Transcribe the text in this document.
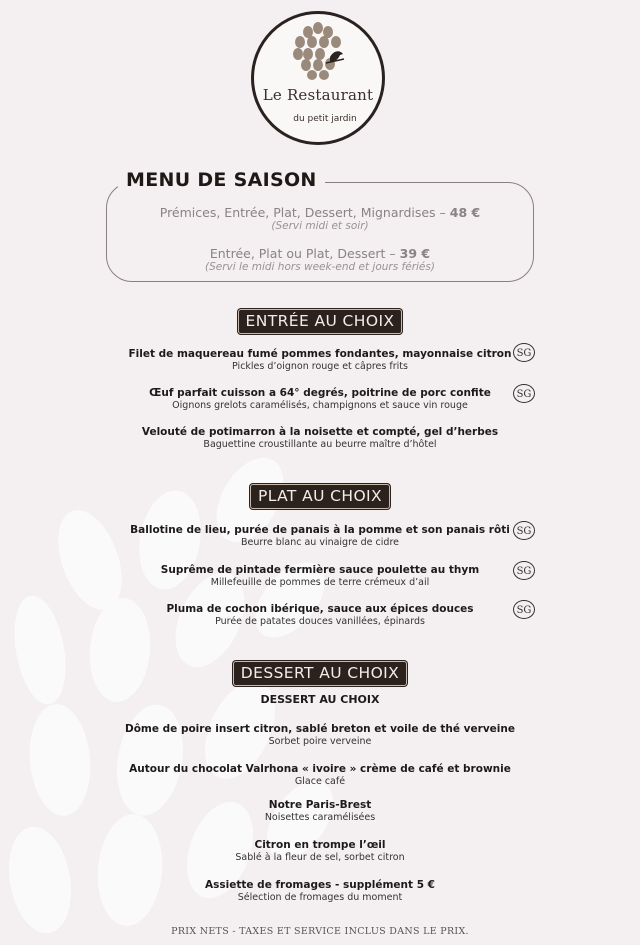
Le Restaurant
du petit jardin
MENU DE SAISON
Prémices, Entrée, Plat, Dessert, Mignardises – 48 €
(Servi midi et soir)
Entrée, Plat ou Plat, Dessert – 39 €
(Servi le midi hors week-end et jours fériés)
ENTRÉE AU CHOIX
Filet de maquereau fumé pommes fondantes, mayonnaise citron
Pickles d’oignon rouge et câpres frits
SG
Œuf parfait cuisson a 64° degrés, poitrine de porc confite
Oignons grelots caramélisés, champignons et sauce vin rouge
SG
Velouté de potimarron à la noisette et compté, gel d’herbes
Baguettine croustillante au beurre maître d’hôtel
PLAT AU CHOIX
Ballotine de lieu, purée de panais à la pomme et son panais rôti
Beurre blanc au vinaigre de cidre
SG
Suprême de pintade fermière sauce poulette au thym
Millefeuille de pommes de terre crémeux d’ail
SG
Pluma de cochon ibérique, sauce aux épices douces
Purée de patates douces vanillées, épinards
SG
DESSERT AU CHOIX
DESSERT AU CHOIX
Dôme de poire insert citron, sablé breton et voile de thé verveine
Sorbet poire verveine
Autour du chocolat Valrhona « ivoire » crème de café et brownie
Glace café
Notre Paris-Brest
Noisettes caramélisées
Citron en trompe l’œil
Sablé à la fleur de sel, sorbet citron
Assiette de fromages - supplément 5 €
Sélection de fromages du moment
PRIX NETS - TAXES ET SERVICE INCLUS DANS LE PRIX.
